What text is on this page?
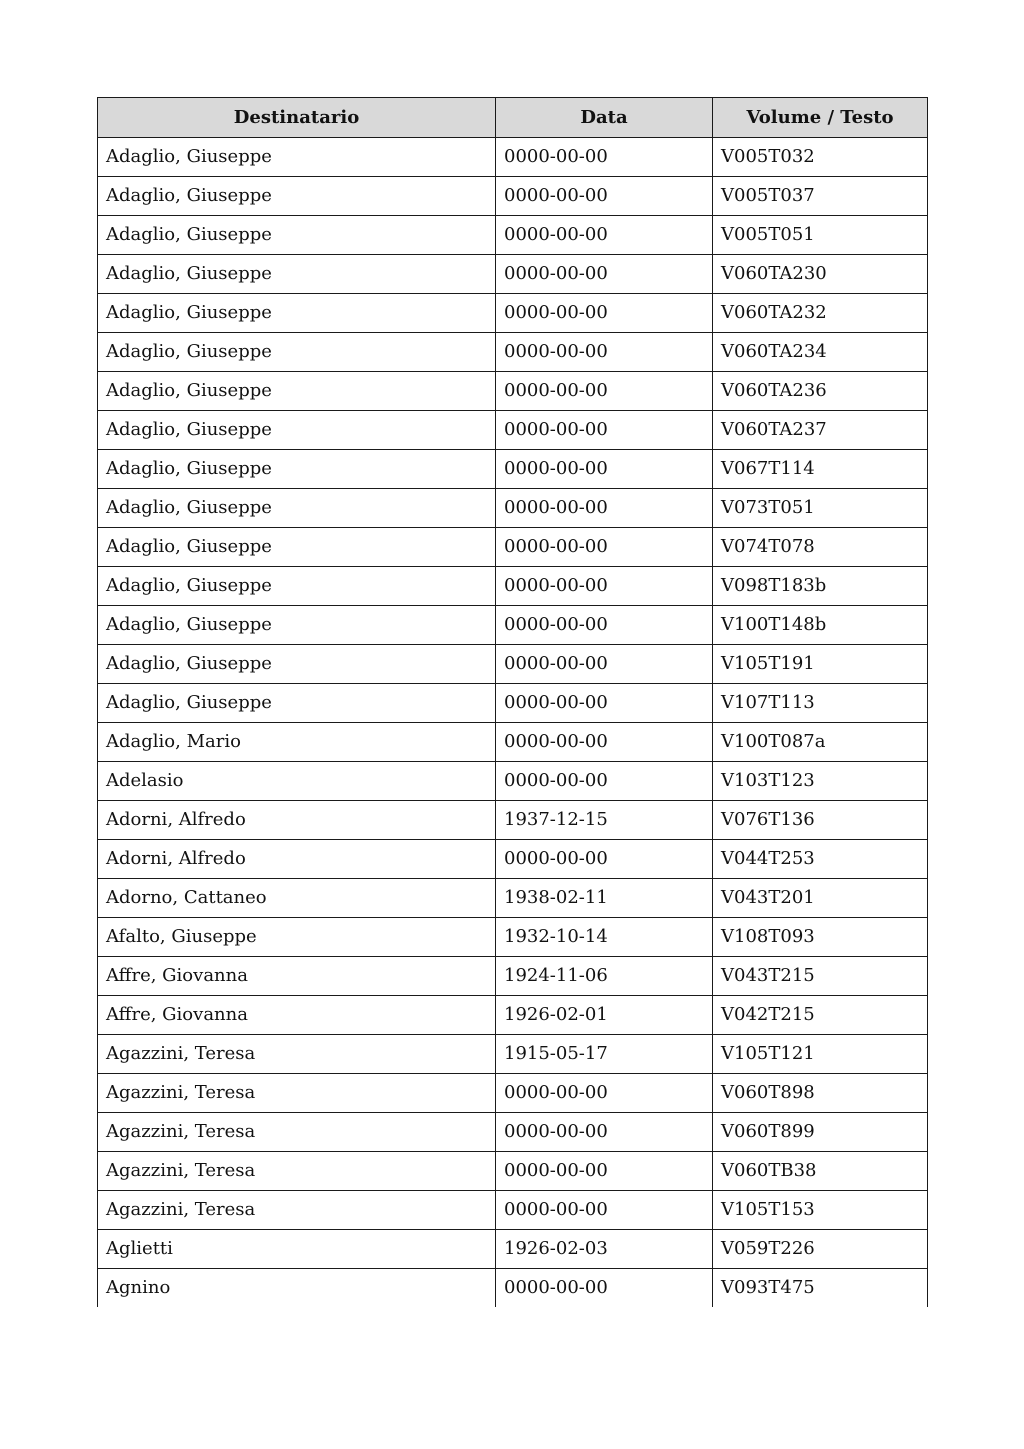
Destinatario	Data	Volume / Testo
Adaglio, Giuseppe	0000-00-00	V005T032
Adaglio, Giuseppe	0000-00-00	V005T037
Adaglio, Giuseppe	0000-00-00	V005T051
Adaglio, Giuseppe	0000-00-00	V060TA230
Adaglio, Giuseppe	0000-00-00	V060TA232
Adaglio, Giuseppe	0000-00-00	V060TA234
Adaglio, Giuseppe	0000-00-00	V060TA236
Adaglio, Giuseppe	0000-00-00	V060TA237
Adaglio, Giuseppe	0000-00-00	V067T114
Adaglio, Giuseppe	0000-00-00	V073T051
Adaglio, Giuseppe	0000-00-00	V074T078
Adaglio, Giuseppe	0000-00-00	V098T183b
Adaglio, Giuseppe	0000-00-00	V100T148b
Adaglio, Giuseppe	0000-00-00	V105T191
Adaglio, Giuseppe	0000-00-00	V107T113
Adaglio, Mario	0000-00-00	V100T087a
Adelasio	0000-00-00	V103T123
Adorni, Alfredo	1937-12-15	V076T136
Adorni, Alfredo	0000-00-00	V044T253
Adorno, Cattaneo	1938-02-11	V043T201
Afalto, Giuseppe	1932-10-14	V108T093
Affre, Giovanna	1924-11-06	V043T215
Affre, Giovanna	1926-02-01	V042T215
Agazzini, Teresa	1915-05-17	V105T121
Agazzini, Teresa	0000-00-00	V060T898
Agazzini, Teresa	0000-00-00	V060T899
Agazzini, Teresa	0000-00-00	V060TB38
Agazzini, Teresa	0000-00-00	V105T153
Aglietti	1926-02-03	V059T226
Agnino	0000-00-00	V093T475
